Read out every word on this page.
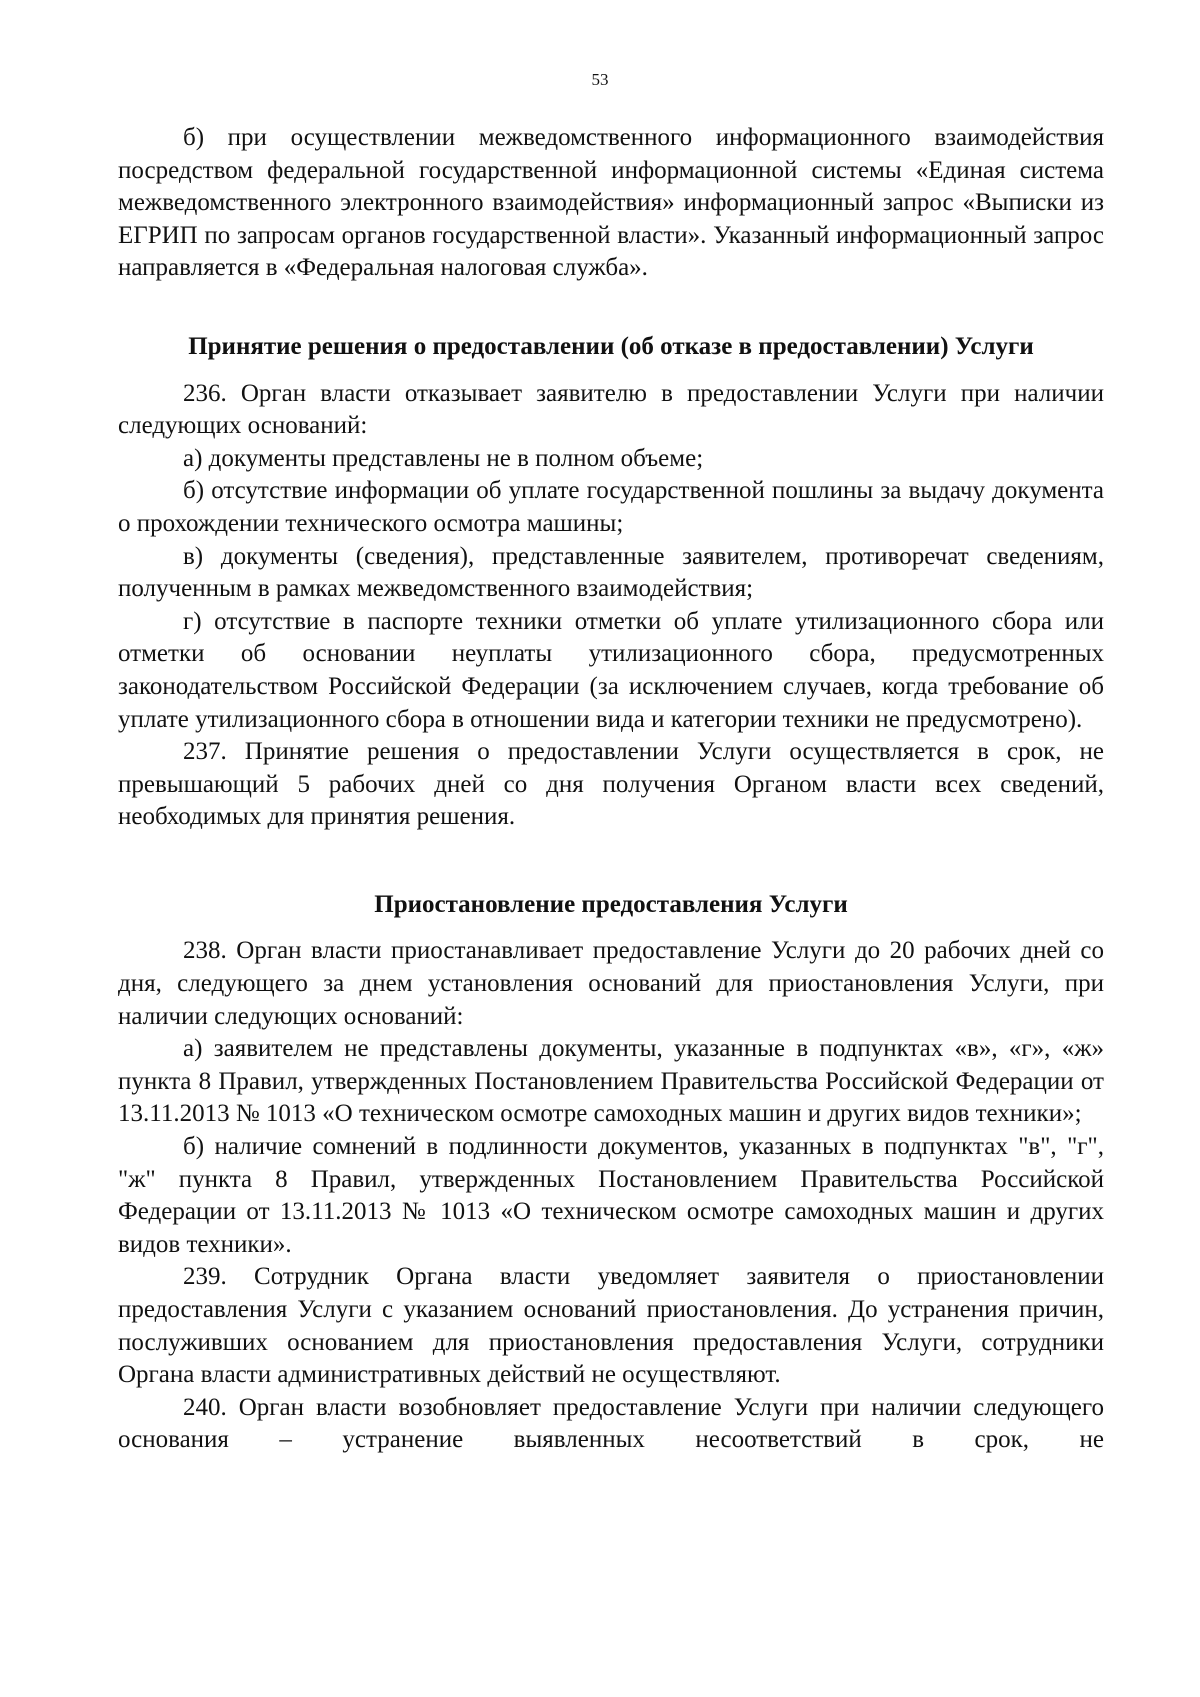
53

б) при осуществлении межведомственного информационного взаимодействия посредством федеральной государственной информационной системы «Единая система межведомственного электронного взаимодействия» информационный запрос «Выписки из ЕГРИП по запросам органов государственной власти». Указанный информационный запрос направляется в «Федеральная налоговая служба».

Принятие решения о предоставлении (об отказе в предоставлении) Услуги

236. Орган власти отказывает заявителю в предоставлении Услуги при наличии следующих оснований:

а) документы представлены не в полном объеме;

б) отсутствие информации об уплате государственной пошлины за выдачу документа о прохождении технического осмотра машины;

в) документы (сведения), представленные заявителем, противоречат сведениям, полученным в рамках межведомственного взаимодействия;

г) отсутствие в паспорте техники отметки об уплате утилизационного сбора или отметки об основании неуплаты утилизационного сбора, предусмотренных законодательством Российской Федерации (за исключением случаев, когда требование об уплате утилизационного сбора в отношении вида и категории техники не предусмотрено).

237. Принятие решения о предоставлении Услуги осуществляется в срок, не превышающий 5 рабочих дней со дня получения Органом власти всех сведений, необходимых для принятия решения.

Приостановление предоставления Услуги

238. Орган власти приостанавливает предоставление Услуги до 20 рабочих дней со дня, следующего за днем установления оснований для приостановления Услуги, при наличии следующих оснований:

а) заявителем не представлены документы, указанные в подпунктах «в», «г», «ж» пункта 8 Правил, утвержденных Постановлением Правительства Российской Федерации от 13.11.2013 № 1013 «О техническом осмотре самоходных машин и других видов техники»;

б) наличие сомнений в подлинности документов, указанных в подпунктах "в", "г", "ж" пункта 8 Правил, утвержденных Постановлением Правительства Российской Федерации от 13.11.2013 № 1013 «О техническом осмотре самоходных машин и других видов техники».

239. Сотрудник Органа власти уведомляет заявителя о приостановлении предоставления Услуги с указанием оснований приостановления. До устранения причин, послуживших основанием для приостановления предоставления Услуги, сотрудники Органа власти административных действий не осуществляют.

240. Орган власти возобновляет предоставление Услуги при наличии следующего основания – устранение выявленных несоответствий в срок, не
